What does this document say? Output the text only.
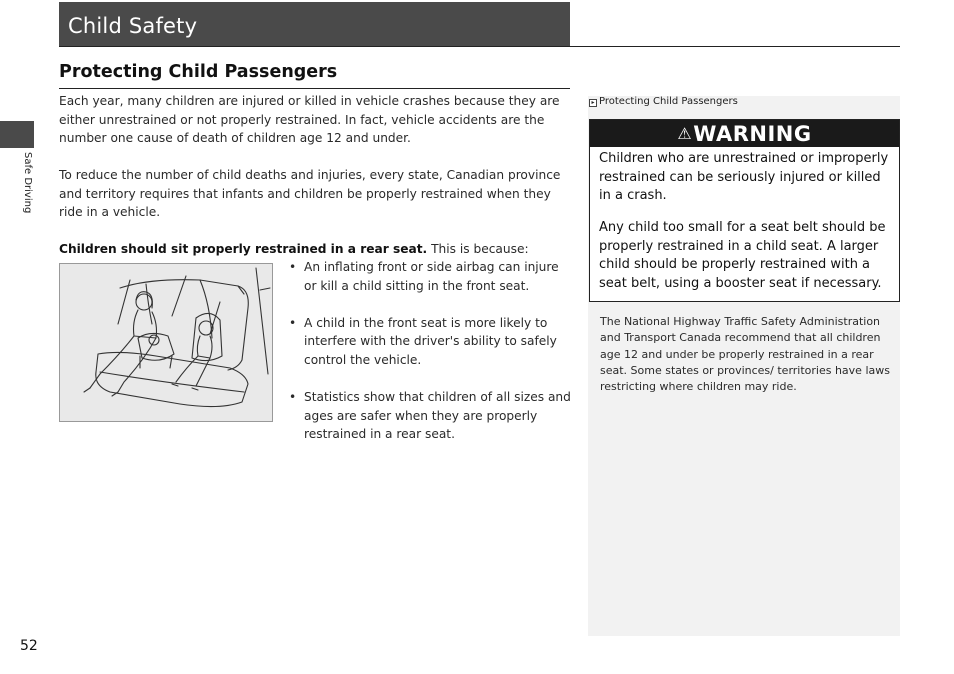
Child Safety
Safe Driving
Protecting Child Passengers
Each year, many children are injured or killed in vehicle crashes because they are either unrestrained or not properly restrained. In fact, vehicle accidents are the number one cause of death of children age 12 and under.
To reduce the number of child deaths and injuries, every state, Canadian province and territory requires that infants and children be properly restrained when they ride in a vehicle.
Children should sit properly restrained in a rear seat. This is because:
• An inflating front or side airbag can injure or kill a child sitting in the front seat.
• A child in the front seat is more likely to interfere with the driver's ability to safely control the vehicle.
• Statistics show that children of all sizes and ages are safer when they are properly restrained in a rear seat.
▸ Protecting Child Passengers
⚠WARNING
Children who are unrestrained or improperly restrained can be seriously injured or killed in a crash.
Any child too small for a seat belt should be properly restrained in a child seat. A larger child should be properly restrained with a seat belt, using a booster seat if necessary.
The National Highway Traffic Safety Administration and Transport Canada recommend that all children age 12 and under be properly restrained in a rear seat. Some states or provinces/ territories have laws restricting where children may ride.
52
